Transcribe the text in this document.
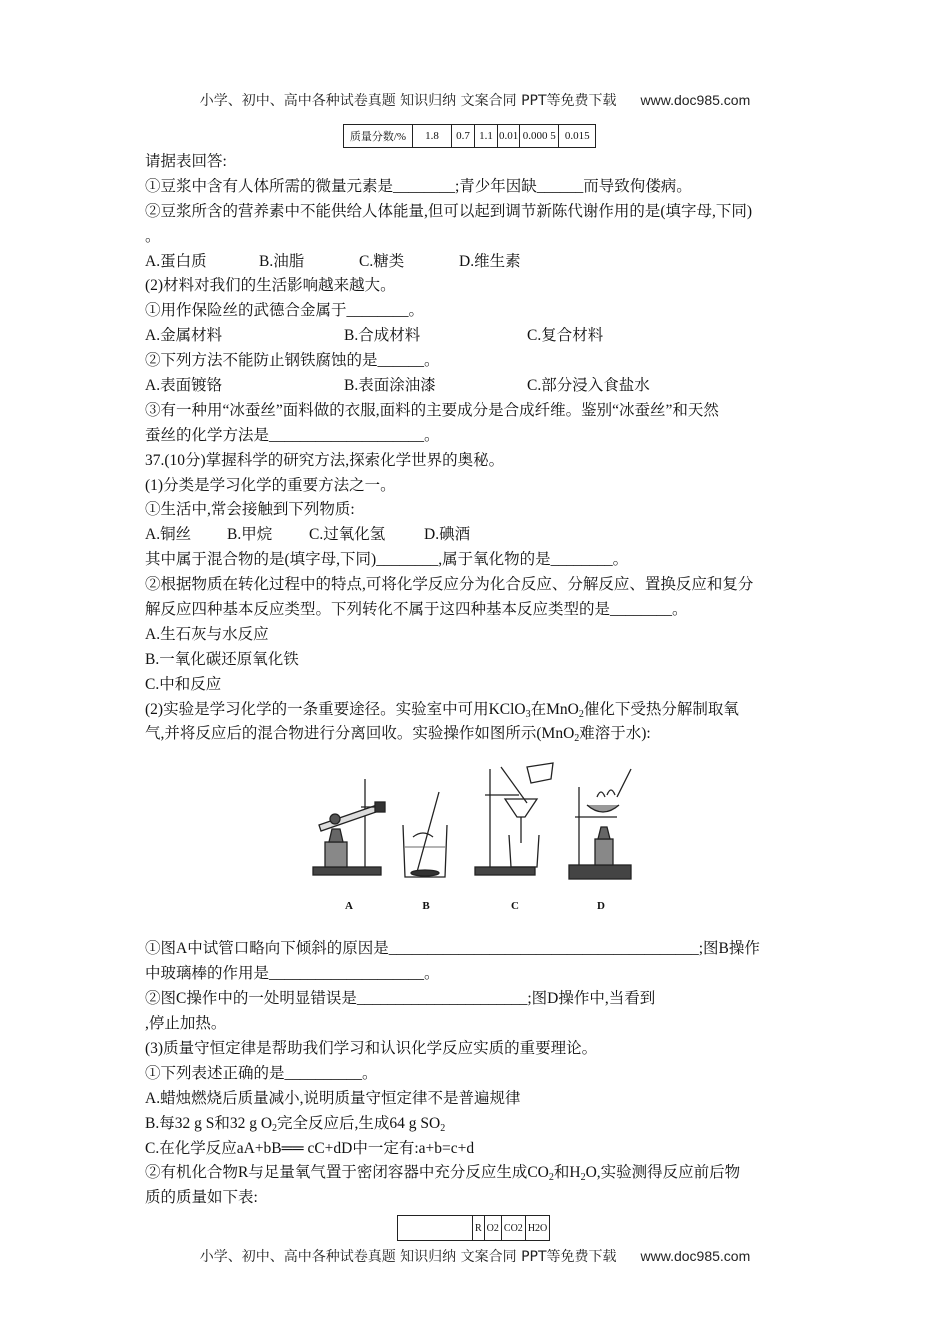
小学、初中、高中各种试卷真题 知识归纳 文案合同 PPT等免费下载 www.doc985.com
质量分数/%	1.8	0.7	1.1	0.01	0.000 5	0.015
请据表回答:
①豆浆中含有人体所需的微量元素是________;青少年因缺______而导致佝偻病。
②豆浆所含的营养素中不能供给人体能量,但可以起到调节新陈代谢作用的是(填字母,下同)
。
A.蛋白质	B.油脂	C.糖类	D.维生素
(2)材料对我们的生活影响越来越大。
①用作保险丝的武德合金属于________。
A.金属材料	B.合成材料	C.复合材料
②下列方法不能防止钢铁腐蚀的是______。
A.表面镀铬	B.表面涂油漆	C.部分浸入食盐水
③有一种用“冰蚕丝”面料做的衣服,面料的主要成分是合成纤维。鉴别“冰蚕丝”和天然
蚕丝的化学方法是____________________。
37.(10分)掌握科学的研究方法,探索化学世界的奥秘。
(1)分类是学习化学的重要方法之一。
①生活中,常会接触到下列物质:
A.铜丝 B.甲烷 C.过氧化氢	D.碘酒
其中属于混合物的是(填字母,下同)________,属于氧化物的是________。
②根据物质在转化过程中的特点,可将化学反应分为化合反应、分解反应、置换反应和复分
解反应四种基本反应类型。下列转化不属于这四种基本反应类型的是________。
A.生石灰与水反应
B.一氧化碳还原氧化铁
C.中和反应
(2)实验是学习化学的一条重要途径。实验室中可用KClO$_3$在MnO$_2$催化下受热分解制取氧
气,并将反应后的混合物进行分离回收。实验操作如图所示(MnO$_2$难溶于水):
A	B	C	D
①图A中试管口略向下倾斜的原因是________________________________________;图B操作
中玻璃棒的作用是____________________。
②图C操作中的一处明显错误是______________________;图D操作中,当看到
,停止加热。
(3)质量守恒定律是帮助我们学习和认识化学反应实质的重要理论。
①下列表述正确的是__________。
A.蜡烛燃烧后质量减小,说明质量守恒定律不是普遍规律
B.每32 g S和32 g $O_2$完全反应后,生成64 g $SO_2$
C.在化学反应aA+bB══ cC+dD中一定有:a+b=c+d
②有机化合物R与足量氧气置于密闭容器中充分反应生成$CO_2$和$H_2O$,实验测得反应前后物
质的质量如下表:
	R	O2	CO2	H2O
小学、初中、高中各种试卷真题 知识归纳 文案合同 PPT等免费下载 www.doc985.com
